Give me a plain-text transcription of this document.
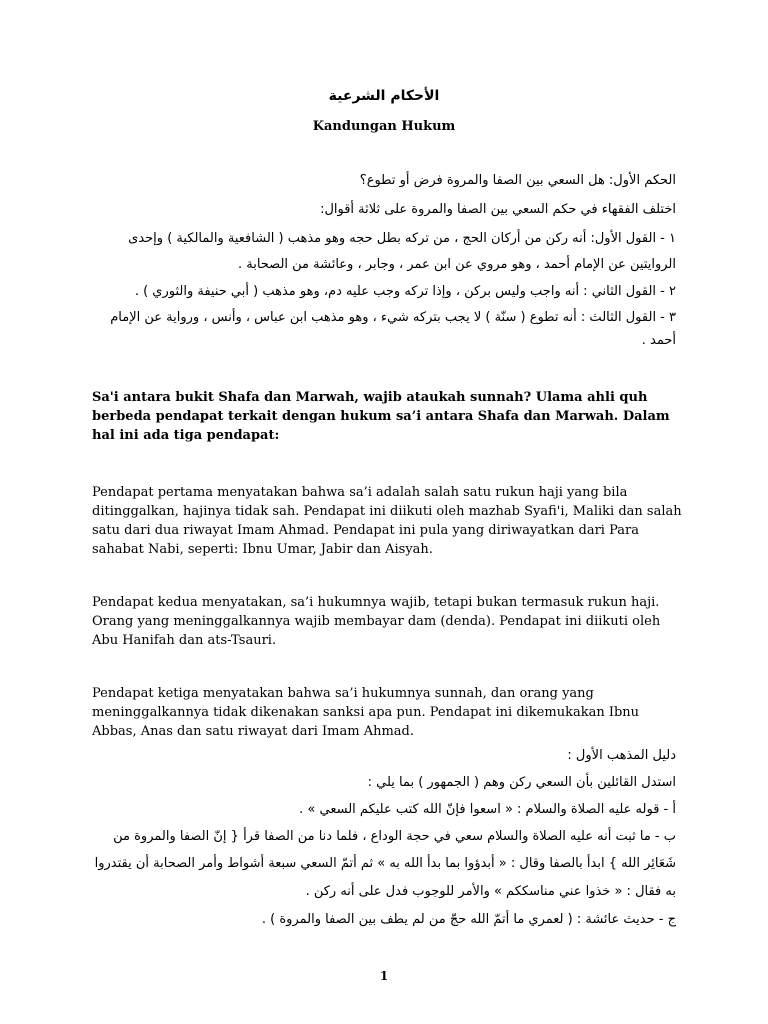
الأحكام الشرعية
Kandungan Hukum
الحكم الأول: هل السعي بين الصفا والمروة فرض أو تطوع؟
اختلف الفقهاء في حكم السعي بين الصفا والمروة على ثلاثة أقوال:
١ - القول الأول: أنه ركن من أركان الحج ، من تركه بطل حجه وهو مذهب ( الشافعية والمالكية ) وإحدى
الروايتين عن الإمام أحمد ، وهو مروي عن ابن عمر ، وجابر ، وعائشة من الصحابة .
٢ - القول الثاني : أنه واجب وليس بركن ، وإذا تركه وجب عليه دم، وهو مذهب ( أبي حنيفة والثوري ) .
٣ - القول الثالث : أنه تطوع ( سنّة ) لا يجب بتركه شيء ، وهو مذهب ابن عباس ، وأنس ، ورواية عن الإمام
أحمد .
Sa'i antara bukit Shafa dan Marwah, wajib ataukah sunnah? Ulama ahli quh berbeda pendapat terkait dengan hukum sa’i antara Shafa dan Marwah. Dalam hal ini ada tiga pendapat:
Pendapat pertama menyatakan bahwa sa’i adalah salah satu rukun haji yang bila ditinggalkan, hajinya tidak sah. Pendapat ini diikuti oleh mazhab Syafi'i, Maliki dan salah satu dari dua riwayat Imam Ahmad. Pendapat ini pula yang diriwayatkan dari Para sahabat Nabi, seperti: Ibnu Umar, Jabir dan Aisyah.
Pendapat kedua menyatakan, sa’i hukumnya wajib, tetapi bukan termasuk rukun haji. Orang yang meninggalkannya wajib membayar dam (denda). Pendapat ini diikuti oleh Abu Hanifah dan ats-Tsauri.
Pendapat ketiga menyatakan bahwa sa’i hukumnya sunnah, dan orang yang meninggalkannya tidak dikenakan sanksi apa pun. Pendapat ini dikemukakan Ibnu Abbas, Anas dan satu riwayat dari Imam Ahmad.
دليل المذهب الأول :
استدل القائلين بأن السعي ركن وهم ( الجمهور ) بما يلي :
أ - قوله عليه الصلاة والسلام : « اسعوا فإنّ الله كتب عليكم السعي » .
ب - ما ثبت أنه عليه الصلاة والسلام سعي في حجة الوداع ، فلما دنا من الصفا قرأ { إنّ الصفا والمروة من
شَعَائِر الله } ابدأ بالصفا وقال : « أبدؤوا بما بدأ الله به » ثم أتمّ السعي سبعة أشواط وأمر الصحابة أن يقتدروا
به فقال : « خذوا عني مناسككم » والأمر للوجوب فدل على أنه ركن .
ج - حديث عائشة : ( لعمري ما أتمّ الله حجّ من لم يطف بين الصفا والمروة ) .
1
